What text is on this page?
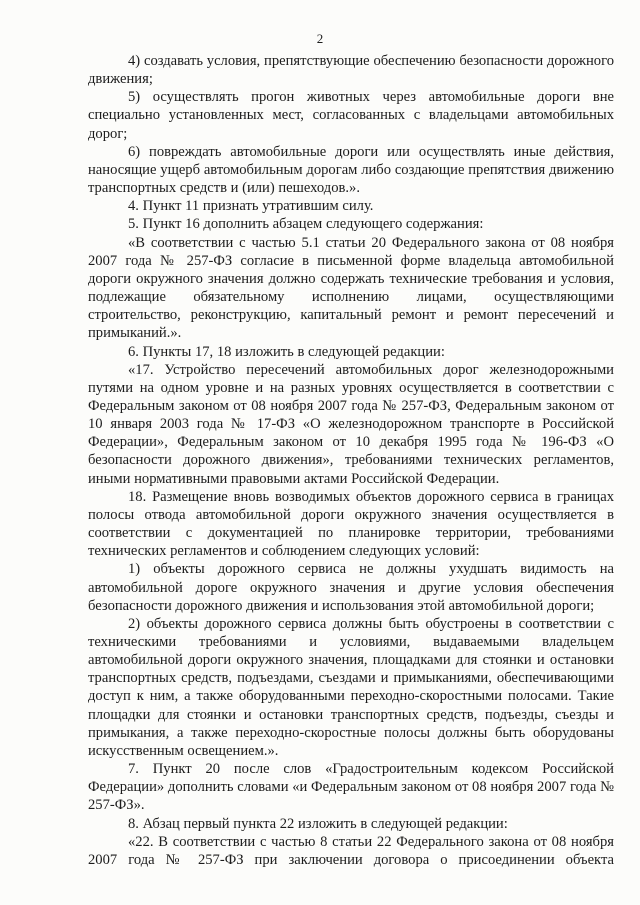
2

4) создавать условия, препятствующие обеспечению безопасности дорожного движения;

5) осуществлять прогон животных через автомобильные дороги вне специально установленных мест, согласованных с владельцами автомобильных дорог;

6) повреждать автомобильные дороги или осуществлять иные действия, наносящие ущерб автомобильным дорогам либо создающие препятствия движению транспортных средств и (или) пешеходов.».

4. Пункт 11 признать утратившим силу.

5. Пункт 16 дополнить абзацем следующего содержания:

«В соответствии с частью 5.1 статьи 20 Федерального закона от 08 ноября 2007 года № 257-ФЗ согласие в письменной форме владельца автомобильной дороги окружного значения должно содержать технические требования и условия, подлежащие обязательному исполнению лицами, осуществляющими строительство, реконструкцию, капитальный ремонт и ремонт пересечений и примыканий.».

6. Пункты 17, 18 изложить в следующей редакции:

«17. Устройство пересечений автомобильных дорог железнодорожными путями на одном уровне и на разных уровнях осуществляется в соответствии с Федеральным законом от 08 ноября 2007 года № 257-ФЗ, Федеральным законом от 10 января 2003 года № 17-ФЗ «О железнодорожном транспорте в Российской Федерации», Федеральным законом от 10 декабря 1995 года № 196-ФЗ «О безопасности дорожного движения», требованиями технических регламентов, иными нормативными правовыми актами Российской Федерации.

18. Размещение вновь возводимых объектов дорожного сервиса в границах полосы отвода автомобильной дороги окружного значения осуществляется в соответствии с документацией по планировке территории, требованиями технических регламентов и соблюдением следующих условий:

1) объекты дорожного сервиса не должны ухудшать видимость на автомобильной дороге окружного значения и другие условия обеспечения безопасности дорожного движения и использования этой автомобильной дороги;

2) объекты дорожного сервиса должны быть обустроены в соответствии с техническими требованиями и условиями, выдаваемыми владельцем автомобильной дороги окружного значения, площадками для стоянки и остановки транспортных средств, подъездами, съездами и примыканиями, обеспечивающими доступ к ним, а также оборудованными переходно-скоростными полосами. Такие площадки для стоянки и остановки транспортных средств, подъезды, съезды и примыкания, а также переходно-скоростные полосы должны быть оборудованы искусственным освещением.».

7. Пункт 20 после слов «Градостроительным кодексом Российской Федерации» дополнить словами «и Федеральным законом от 08 ноября 2007 года № 257-ФЗ».

8. Абзац первый пункта 22 изложить в следующей редакции:

«22. В соответствии с частью 8 статьи 22 Федерального закона от 08 ноября 2007 года № 257-ФЗ при заключении договора о присоединении объекта
